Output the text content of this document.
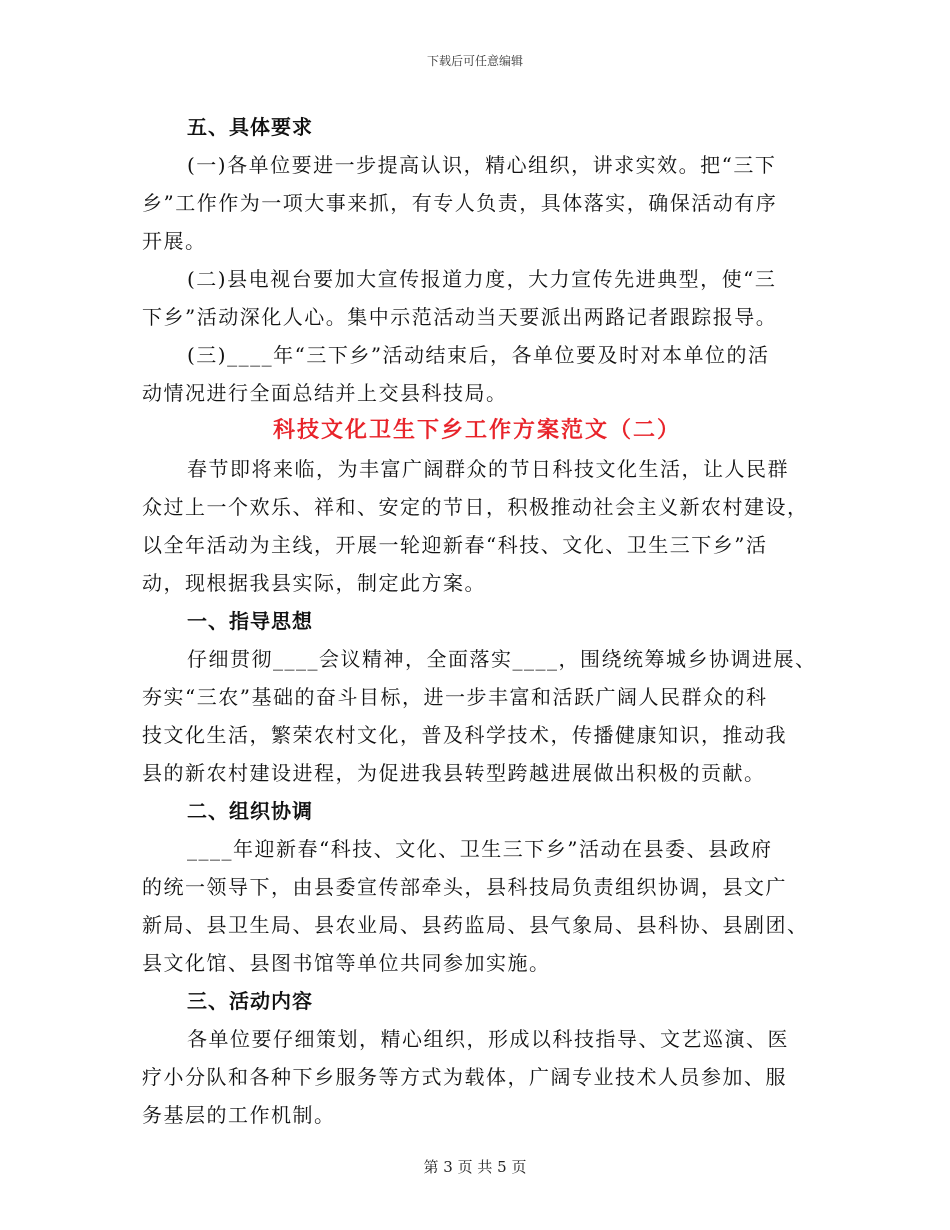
下载后可任意编辑
五、具体要求
(一)各单位要进一步提高认识，精心组织，讲求实效。把“三下
乡”工作作为一项大事来抓，有专人负责，具体落实，确保活动有序
开展。
(二)县电视台要加大宣传报道力度，大力宣传先进典型，使“三
下乡”活动深化人心。集中示范活动当天要派出两路记者跟踪报导。
(三)____年“三下乡”活动结束后，各单位要及时对本单位的活
动情况进行全面总结并上交县科技局。
科技文化卫生下乡工作方案范文（二）
春节即将来临，为丰富广阔群众的节日科技文化生活，让人民群
众过上一个欢乐、祥和、安定的节日，积极推动社会主义新农村建设，
以全年活动为主线，开展一轮迎新春“科技、文化、卫生三下乡”活
动，现根据我县实际，制定此方案。
一、指导思想
仔细贯彻____会议精神，全面落实____，围绕统筹城乡协调进展、
夯实“三农”基础的奋斗目标，进一步丰富和活跃广阔人民群众的科
技文化生活，繁荣农村文化，普及科学技术，传播健康知识，推动我
县的新农村建设进程，为促进我县转型跨越进展做出积极的贡献。
二、组织协调
____年迎新春“科技、文化、卫生三下乡”活动在县委、县政府
的统一领导下，由县委宣传部牵头，县科技局负责组织协调，县文广
新局、县卫生局、县农业局、县药监局、县气象局、县科协、县剧团、
县文化馆、县图书馆等单位共同参加实施。
三、活动内容
各单位要仔细策划，精心组织，形成以科技指导、文艺巡演、医
疗小分队和各种下乡服务等方式为载体，广阔专业技术人员参加、服
务基层的工作机制。
第 3 页 共 5 页
